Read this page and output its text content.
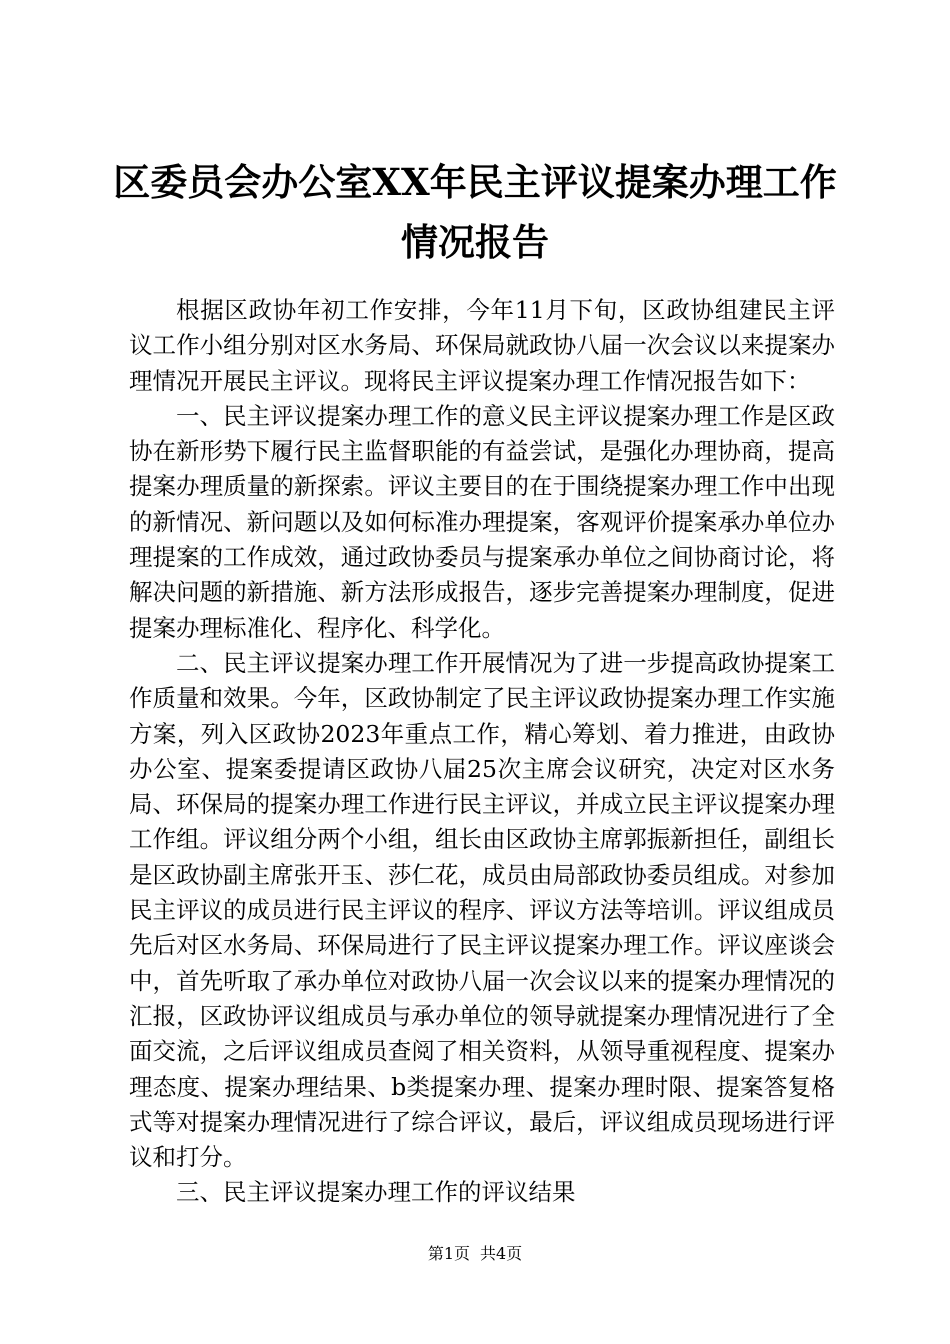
区委员会办公室XX年民主评议提案办理工作
情况报告

根据区政协年初工作安排，今年11月下旬，区政协组建民主评议工作小组分别对区水务局、环保局就政协八届一次会议以来提案办理情况开展民主评议。现将民主评议提案办理工作情况报告如下：

一、民主评议提案办理工作的意义民主评议提案办理工作是区政协在新形势下履行民主监督职能的有益尝试，是强化办理协商，提高提案办理质量的新探索。评议主要目的在于围绕提案办理工作中出现的新情况、新问题以及如何标准办理提案，客观评价提案承办单位办理提案的工作成效，通过政协委员与提案承办单位之间协商讨论，将解决问题的新措施、新方法形成报告，逐步完善提案办理制度，促进提案办理标准化、程序化、科学化。

二、民主评议提案办理工作开展情况为了进一步提高政协提案工作质量和效果。今年，区政协制定了民主评议政协提案办理工作实施方案，列入区政协2023年重点工作，精心筹划、着力推进，由政协办公室、提案委提请区政协八届25次主席会议研究，决定对区水务局、环保局的提案办理工作进行民主评议，并成立民主评议提案办理工作组。评议组分两个小组，组长由区政协主席郭振新担任，副组长是区政协副主席张开玉、莎仁花，成员由局部政协委员组成。对参加民主评议的成员进行民主评议的程序、评议方法等培训。评议组成员先后对区水务局、环保局进行了民主评议提案办理工作。评议座谈会中，首先听取了承办单位对政协八届一次会议以来的提案办理情况的汇报，区政协评议组成员与承办单位的领导就提案办理情况进行了全面交流，之后评议组成员查阅了相关资料，从领导重视程度、提案办理态度、提案办理结果、b类提案办理、提案办理时限、提案答复格式等对提案办理情况进行了综合评议，最后，评议组成员现场进行评议和打分。

三、民主评议提案办理工作的评议结果

第1页 共4页
